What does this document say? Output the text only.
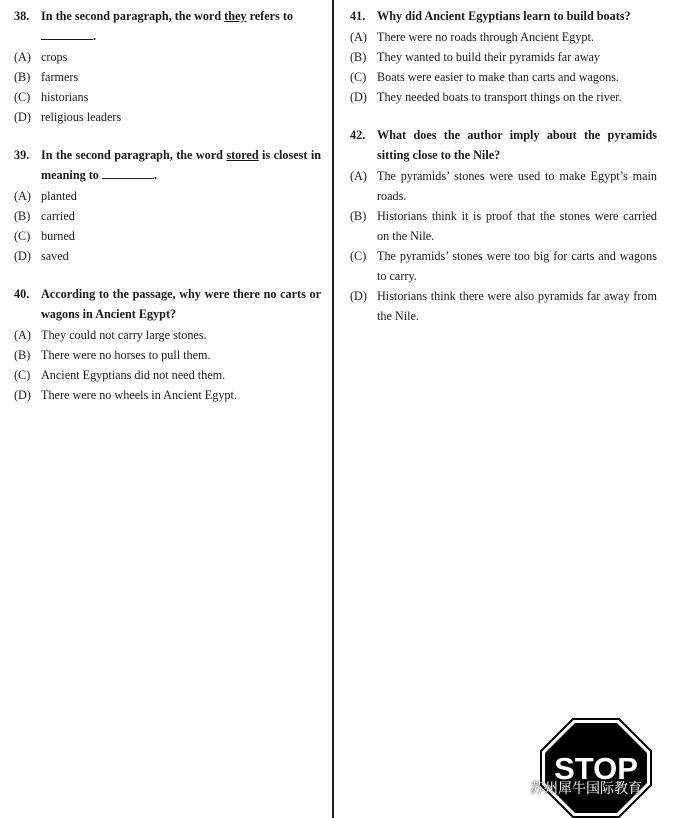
38. In the second paragraph, the word they refers to
.
(A) crops
(B) farmers
(C) historians
(D) religious leaders
39. In the second paragraph, the word stored is closest in meaning to	.
(A) planted
(B) carried
(C) burned
(D) saved
40. According to the passage, why were there no carts or wagons in Ancient Egypt?
(A) They could not carry large stones.
(B) There were no horses to pull them.
(C) Ancient Egyptians did not need them.
(D) There were no wheels in Ancient Egypt.
41. Why did Ancient Egyptians learn to build boats?
(A) There were no roads through Ancient Egypt.
(B) They wanted to build their pyramids far away
(C) Boats were easier to make than carts and wagons.
(D) They needed boats to transport things on the river.
42. What does the author imply about the pyramids sitting close to the Nile?
(A) The pyramids’ stones were used to make Egypt’s main roads.
(B) Historians think it is proof that the stones were carried on the Nile.
(C) The pyramids’ stones were too big for carts and wagons to carry.
(D) Historians think there were also pyramids far away from the Nile.
STOP
苏州犀牛国际教育
